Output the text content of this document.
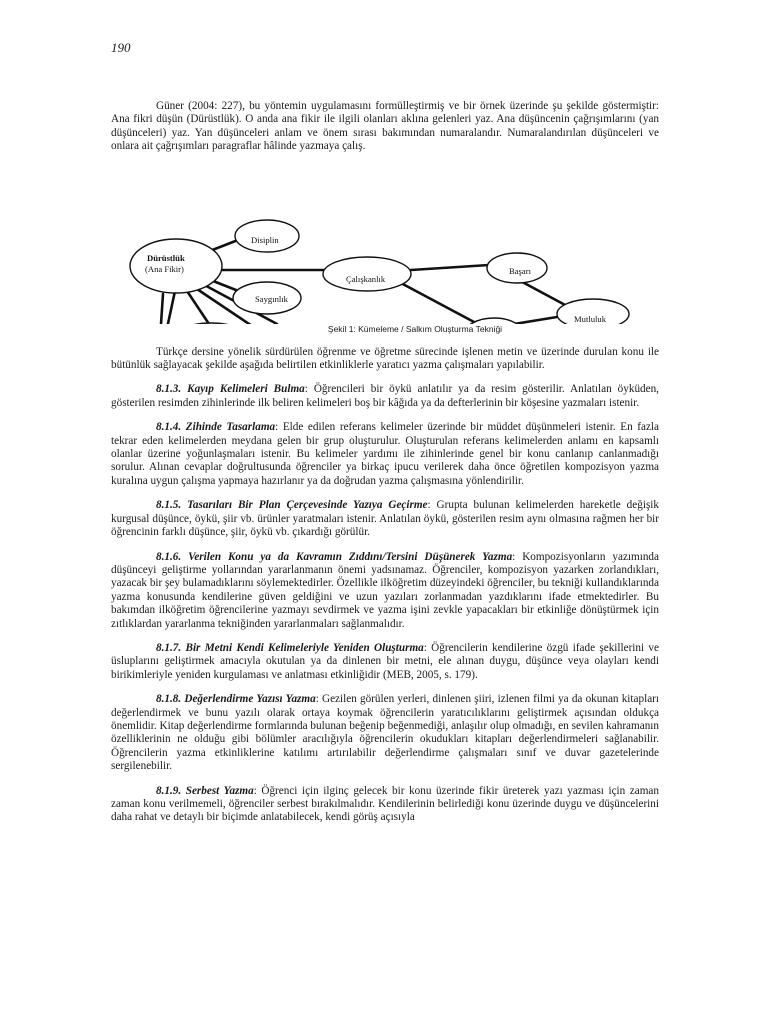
190

Güner (2004: 227), bu yöntemin uygulamasını formülleştirmiş ve bir örnek üzerinde şu şekilde göstermiştir: Ana fikri düşün (Dürüstlük). O anda ana fikir ile ilgili olanları aklına gelenleri yaz. Ana düşüncenin çağrışımlarını (yan düşünceleri) yaz. Yan düşünceleri anlam ve önem sırası bakımından numaralandır. Numaralandırılan düşünceleri ve onlara ait çağrışımları paragraflar hâlinde yazmaya çalış.

Dürüstlük
(Ana Fikir)
Disiplin
Saygınlık
Çalışkanlık
Başarı
Mutluluk
Şekil 1: Kümeleme / Salkım Oluşturma Tekniği

Türkçe dersine yönelik sürdürülen öğrenme ve öğretme sürecinde işlenen metin ve üzerinde durulan konu ile bütünlük sağlayacak şekilde aşağıda belirtilen etkinliklerle yaratıcı yazma çalışmaları yapılabilir.

8.1.3. Kayıp Kelimeleri Bulma: Öğrencileri bir öykü anlatılır ya da resim gösterilir. Anlatılan öyküden, gösterilen resimden zihinlerinde ilk beliren kelimeleri boş bir kâğıda ya da defterlerinin bir köşesine yazmaları istenir.

8.1.4. Zihinde Tasarlama: Elde edilen referans kelimeler üzerinde bir müddet düşünmeleri istenir. En fazla tekrar eden kelimelerden meydana gelen bir grup oluşturulur. Oluşturulan referans kelimelerden anlamı en kapsamlı olanlar üzerine yoğunlaşmaları istenir. Bu kelimeler yardımı ile zihinlerinde genel bir konu canlanıp canlanmadığı sorulur. Alınan cevaplar doğrultusunda öğrenciler ya birkaç ipucu verilerek daha önce öğretilen kompozisyon yazma kuralına uygun çalışma yapmaya hazırlanır ya da doğrudan yazma çalışmasına yönlendirilir.

8.1.5. Tasarıları Bir Plan Çerçevesinde Yazıya Geçirme: Grupta bulunan kelimelerden hareketle değişik kurgusal düşünce, öykü, şiir vb. ürünler yaratmaları istenir. Anlatılan öykü, gösterilen resim aynı olmasına rağmen her bir öğrencinin farklı düşünce, şiir, öykü vb. çıkardığı görülür.

8.1.6. Verilen Konu ya da Kavramın Zıddını/Tersini Düşünerek Yazma: Kompozisyonların yazımında düşünceyi geliştirme yollarından yararlanmanın önemi yadsınamaz. Öğrenciler, kompozisyon yazarken zorlandıkları, yazacak bir şey bulamadıklarını söylemektedirler. Özellikle ilköğretim düzeyindeki öğrenciler, bu tekniği kullandıklarında yazma konusunda kendilerine güven geldiğini ve uzun yazıları zorlanmadan yazdıklarını ifade etmektedirler. Bu bakımdan ilköğretim öğrencilerine yazmayı sevdirmek ve yazma işini zevkle yapacakları bir etkinliğe dönüştürmek için zıtlıklardan yararlanma tekniğinden yararlanmaları sağlanmalıdır.

8.1.7. Bir Metni Kendi Kelimeleriyle Yeniden Oluşturma: Öğrencilerin kendilerine özgü ifade şekillerini ve üsluplarını geliştirmek amacıyla okutulan ya da dinlenen bir metni, ele alınan duygu, düşünce veya olayları kendi birikimleriyle yeniden kurgulaması ve anlatması etkinliğidir (MEB, 2005, s. 179).

8.1.8. Değerlendirme Yazısı Yazma: Gezilen görülen yerleri, dinlenen şiiri, izlenen filmi ya da okunan kitapları değerlendirmek ve bunu yazılı olarak ortaya koymak öğrencilerin yaratıcılıklarını geliştirmek açısından oldukça önemlidir. Kitap değerlendirme formlarında bulunan beğenip beğenmediği, anlaşılır olup olmadığı, en sevilen kahramanın özelliklerinin ne olduğu gibi bölümler aracılığıyla öğrencilerin okudukları kitapları değerlendirmeleri sağlanabilir. Öğrencilerin yazma etkinliklerine katılımı artırılabilir değerlendirme çalışmaları sınıf ve duvar gazetelerinde sergilenebilir.

8.1.9. Serbest Yazma: Öğrenci için ilginç gelecek bir konu üzerinde fikir üreterek yazı yazması için zaman zaman konu verilmemeli, öğrenciler serbest bırakılmalıdır. Kendilerinin belirlediği konu üzerinde duygu ve düşüncelerini daha rahat ve detaylı bir biçimde anlatabilecek, kendi görüş açısıyla
